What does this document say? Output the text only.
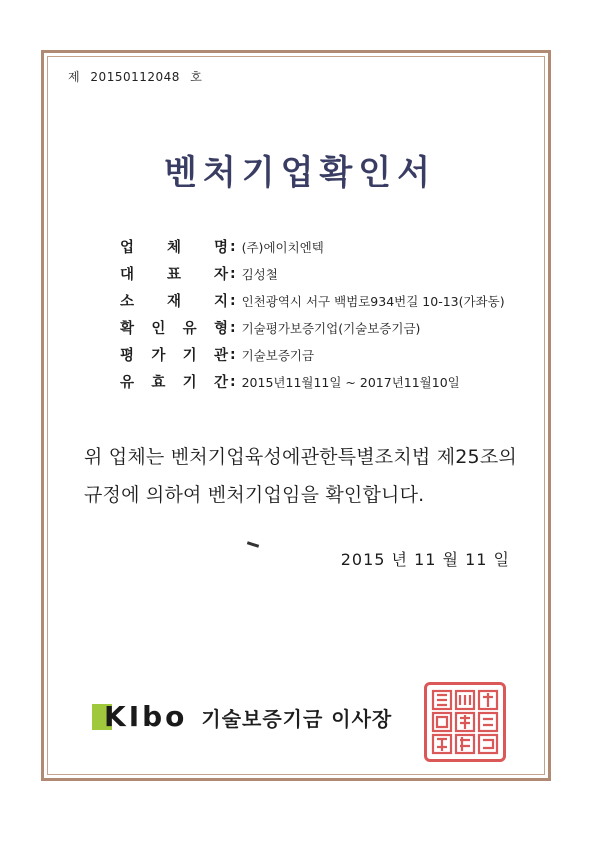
제 20150112048 호
벤처기업확인서
업 체 명 : (주)에이치엔텍
대 표 자 : 김성철
소 재 지 : 인천광역시 서구 백범로934번길 10-13(가좌동)
확 인 유 형 : 기술평가보증기업(기술보증기금)
평 가 기 관 : 기술보증기금
유 효 기 간 : 2015년11월11일 ~ 2017년11월10일
위 업체는 벤처기업육성에관한특별조치법 제25조의
규정에 의하여 벤처기업임을 확인합니다.
2015 년 11 월 11 일
KIbo 기술보증기금 이사장
